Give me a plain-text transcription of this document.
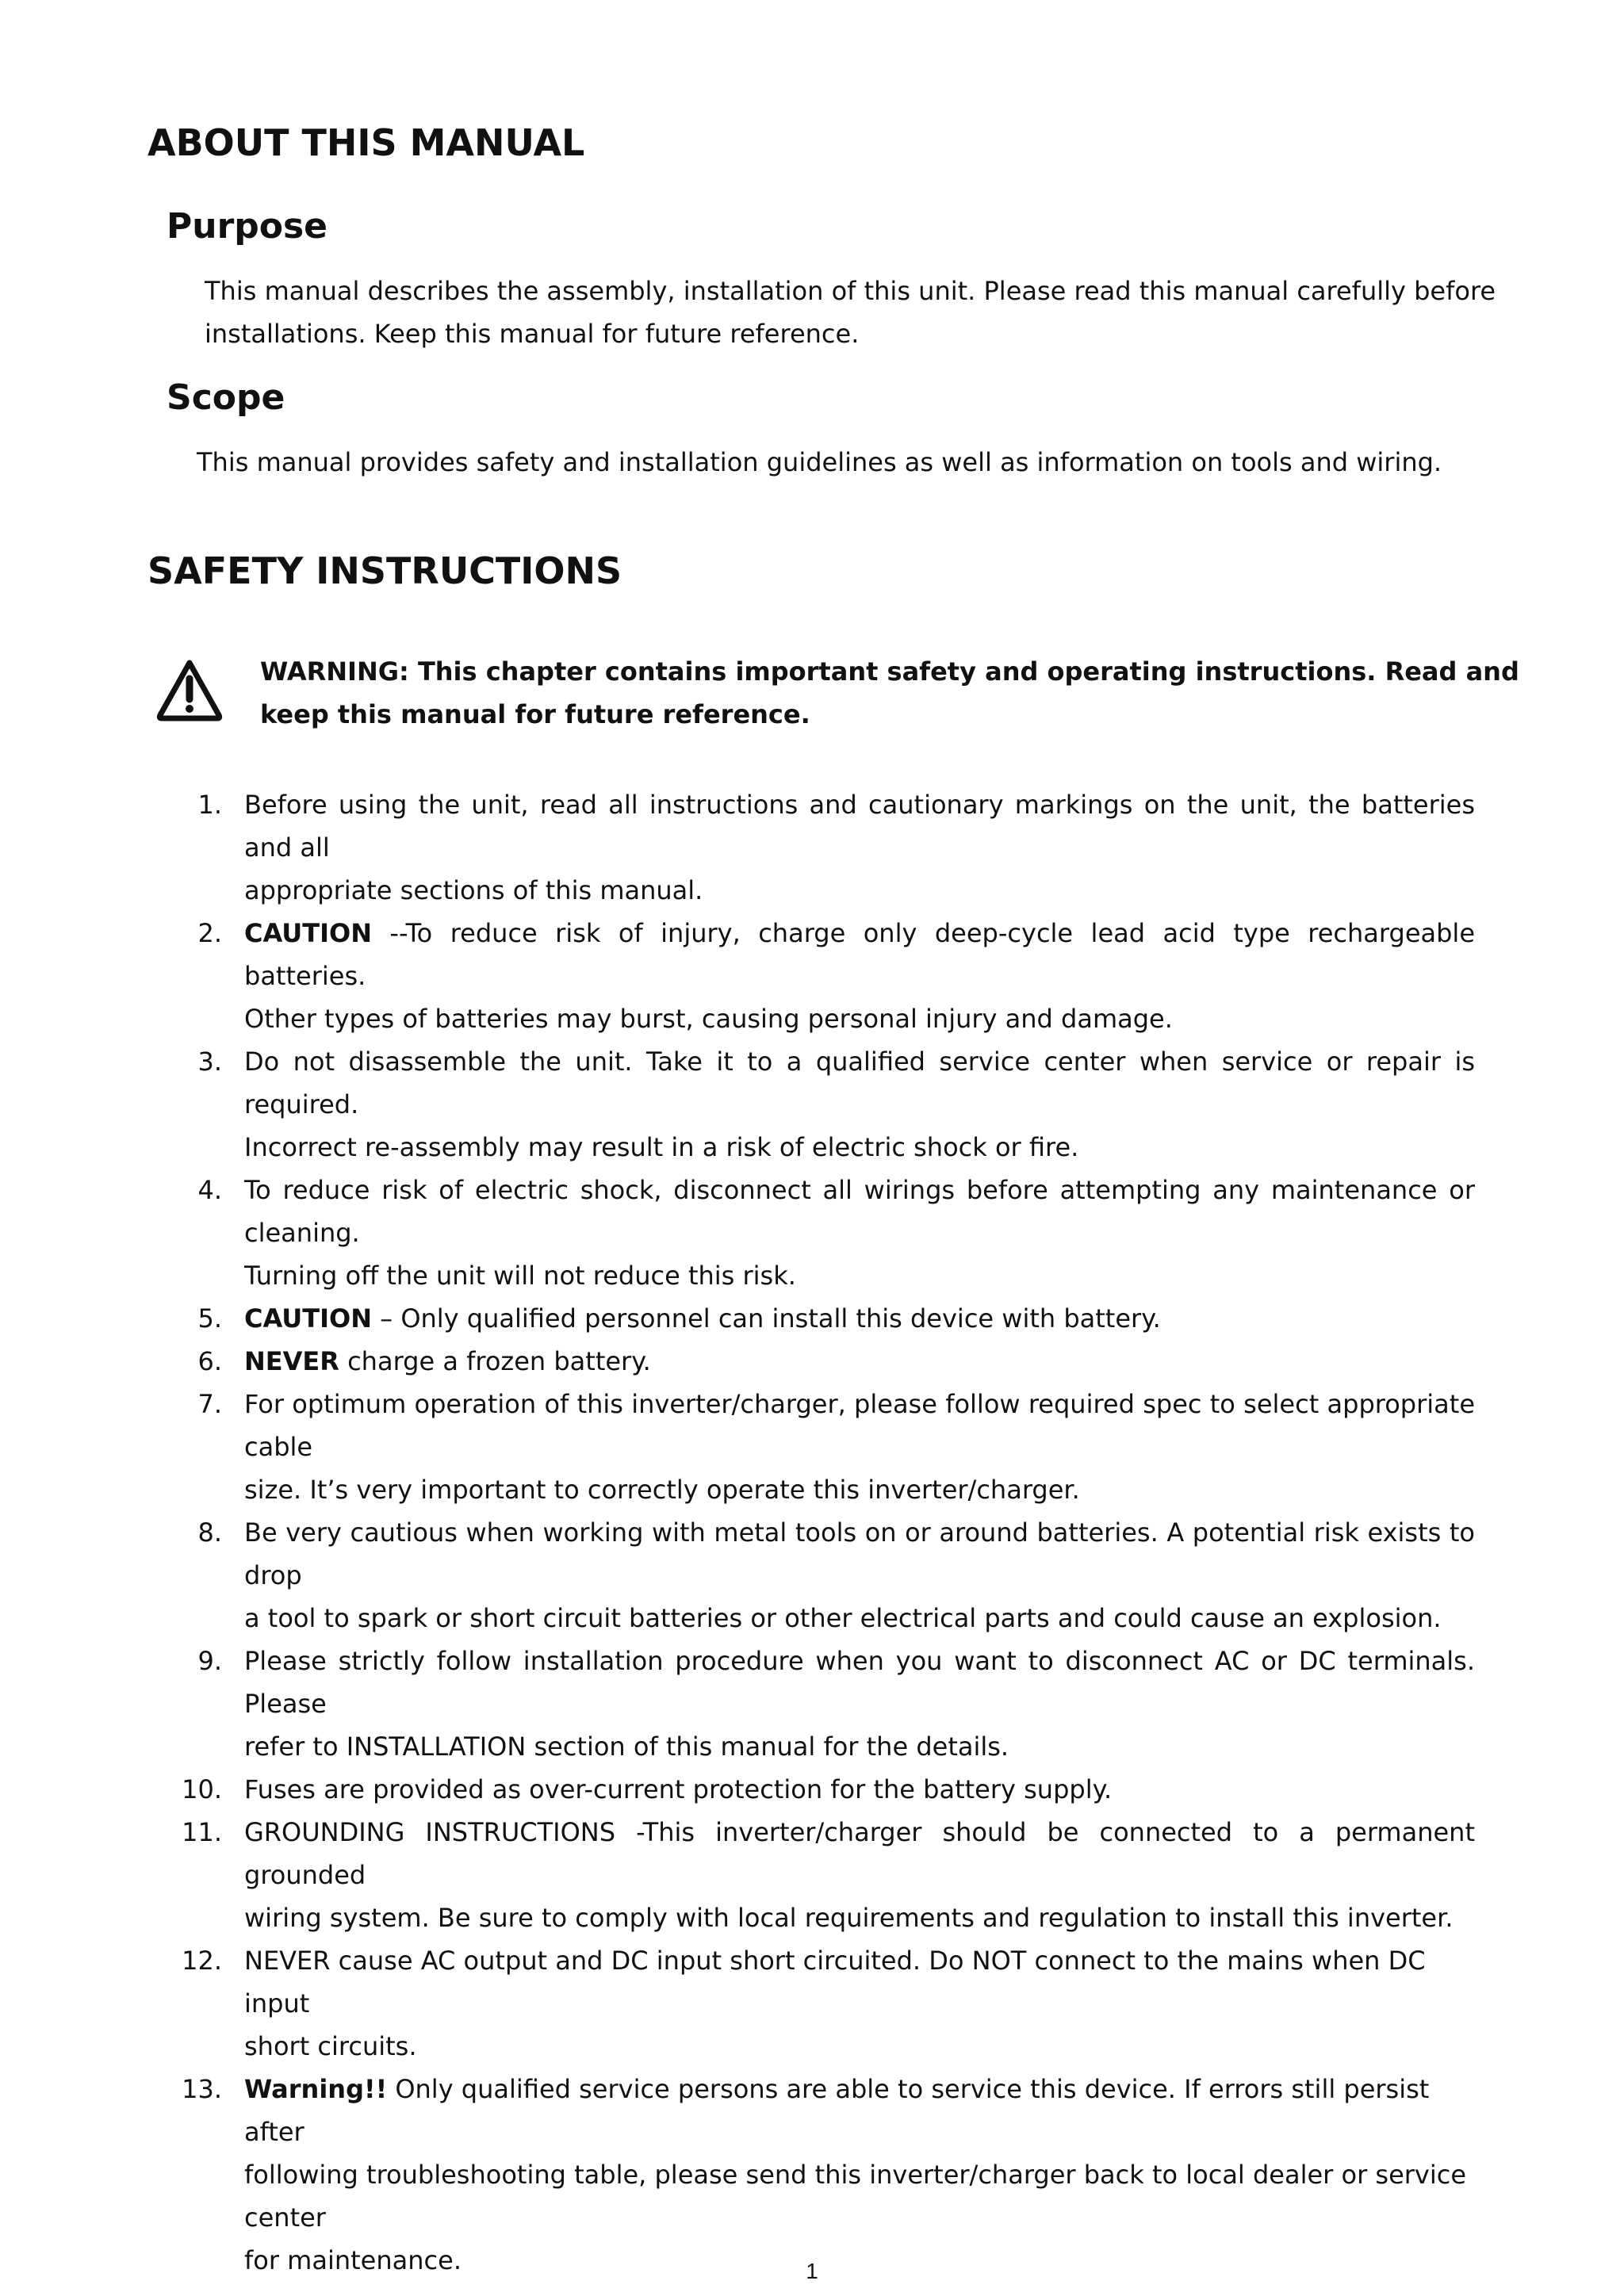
ABOUT THIS MANUAL
Purpose

This manual describes the assembly, installation of this unit. Please read this manual carefully before

installations. Keep this manual for future reference.

Scope

This manual provides safety and installation guidelines as well as information on tools and wiring.

SAFETY INSTRUCTIONS

WARNING: This chapter contains important safety and operating instructions. Read and

keep this manual for future reference.

1. Before using the unit, read all instructions and cautionary markings on the unit, the batteries and all
appropriate sections of this manual.
2. CAUTION --To reduce risk of injury, charge only deep-cycle lead acid type rechargeable batteries.
Other types of batteries may burst, causing personal injury and damage.
3. Do not disassemble the unit. Take it to a qualified service center when service or repair is required.
Incorrect re-assembly may result in a risk of electric shock or fire.
4. To reduce risk of electric shock, disconnect all wirings before attempting any maintenance or cleaning.
Turning off the unit will not reduce this risk.
5. CAUTION – Only qualified personnel can install this device with battery.
6. NEVER charge a frozen battery.
7. For optimum operation of this inverter/charger, please follow required spec to select appropriate cable
size. It’s very important to correctly operate this inverter/charger.
8. Be very cautious when working with metal tools on or around batteries. A potential risk exists to drop
a tool to spark or short circuit batteries or other electrical parts and could cause an explosion.
9. Please strictly follow installation procedure when you want to disconnect AC or DC terminals. Please
refer to INSTALLATION section of this manual for the details.
10. Fuses are provided as over-current protection for the battery supply.
11. GROUNDING INSTRUCTIONS -This inverter/charger should be connected to a permanent grounded
wiring system. Be sure to comply with local requirements and regulation to install this inverter.
12. NEVER cause AC output and DC input short circuited. Do NOT connect to the mains when DC input
short circuits.
13. Warning!! Only qualified service persons are able to service this device. If errors still persist after
following troubleshooting table, please send this inverter/charger back to local dealer or service center
for maintenance.	1
